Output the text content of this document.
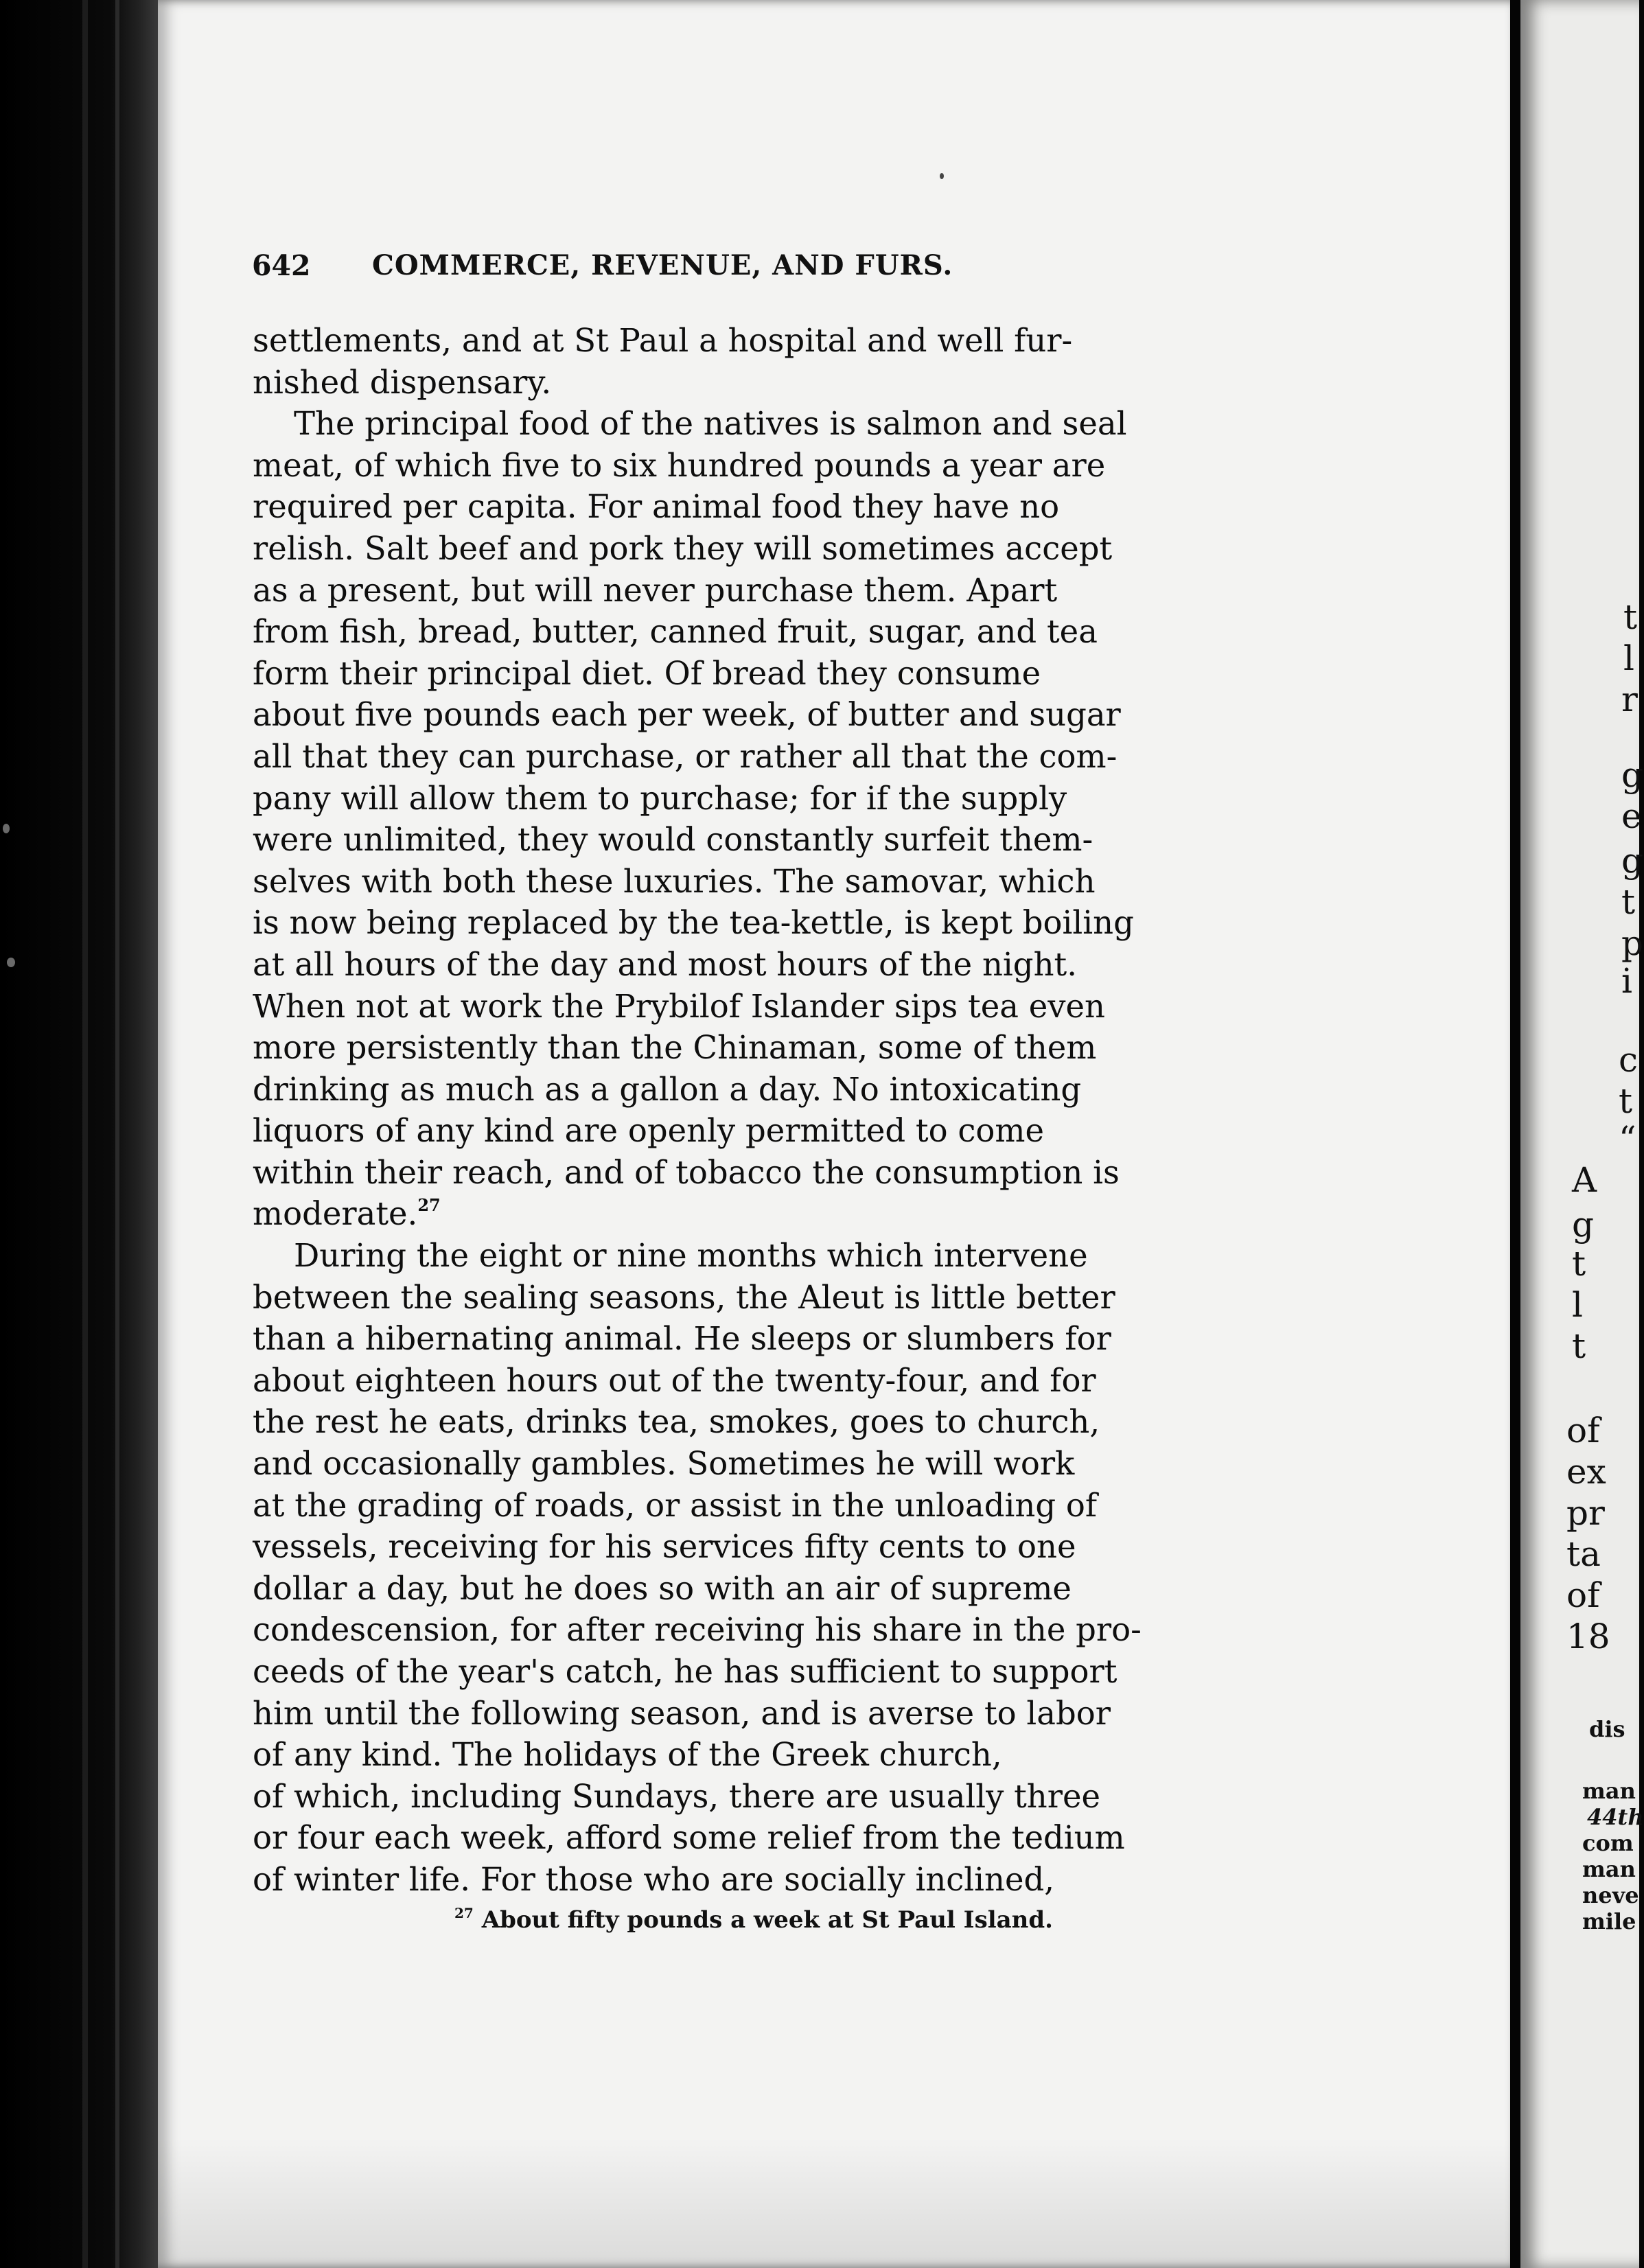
642 COMMERCE, REVENUE, AND FURS.
settlements, and at St Paul a hospital and well fur-
nished dispensary.
The principal food of the natives is salmon and seal
meat, of which five to six hundred pounds a year are
required per capita. For animal food they have no
relish. Salt beef and pork they will sometimes accept
as a present, but will never purchase them. Apart
from fish, bread, butter, canned fruit, sugar, and tea
form their principal diet. Of bread they consume
about five pounds each per week, of butter and sugar
all that they can purchase, or rather all that the com-
pany will allow them to purchase; for if the supply
were unlimited, they would constantly surfeit them-
selves with both these luxuries. The samovar, which
is now being replaced by the tea-kettle, is kept boiling
at all hours of the day and most hours of the night.
When not at work the Prybilof Islander sips tea even
more persistently than the Chinaman, some of them
drinking as much as a gallon a day. No intoxicating
liquors of any kind are openly permitted to come
within their reach, and of tobacco the consumption is
moderate.$^{27}$
During the eight or nine months which intervene
between the sealing seasons, the Aleut is little better
than a hibernating animal. He sleeps or slumbers for
about eighteen hours out of the twenty-four, and for
the rest he eats, drinks tea, smokes, goes to church,
and occasionally gambles. Sometimes he will work
at the grading of roads, or assist in the unloading of
vessels, receiving for his services fifty cents to one
dollar a day, but he does so with an air of supreme
condescension, for after receiving his share in the pro-
ceeds of the year's catch, he has sufficient to support
him until the following season, and is averse to labor
of any kind. The holidays of the Greek church,
of which, including Sundays, there are usually three
or four each week, afford some relief from the tedium
of winter life. For those who are socially inclined,
$^{27}$ About fifty pounds a week at St Paul Island.
t
l
r
g
e
g
t
p
i
c
t
“
A
g
t
l
t
of
ex
pr
ta
of
18
dis
man
44th
com
man
neve
mile
